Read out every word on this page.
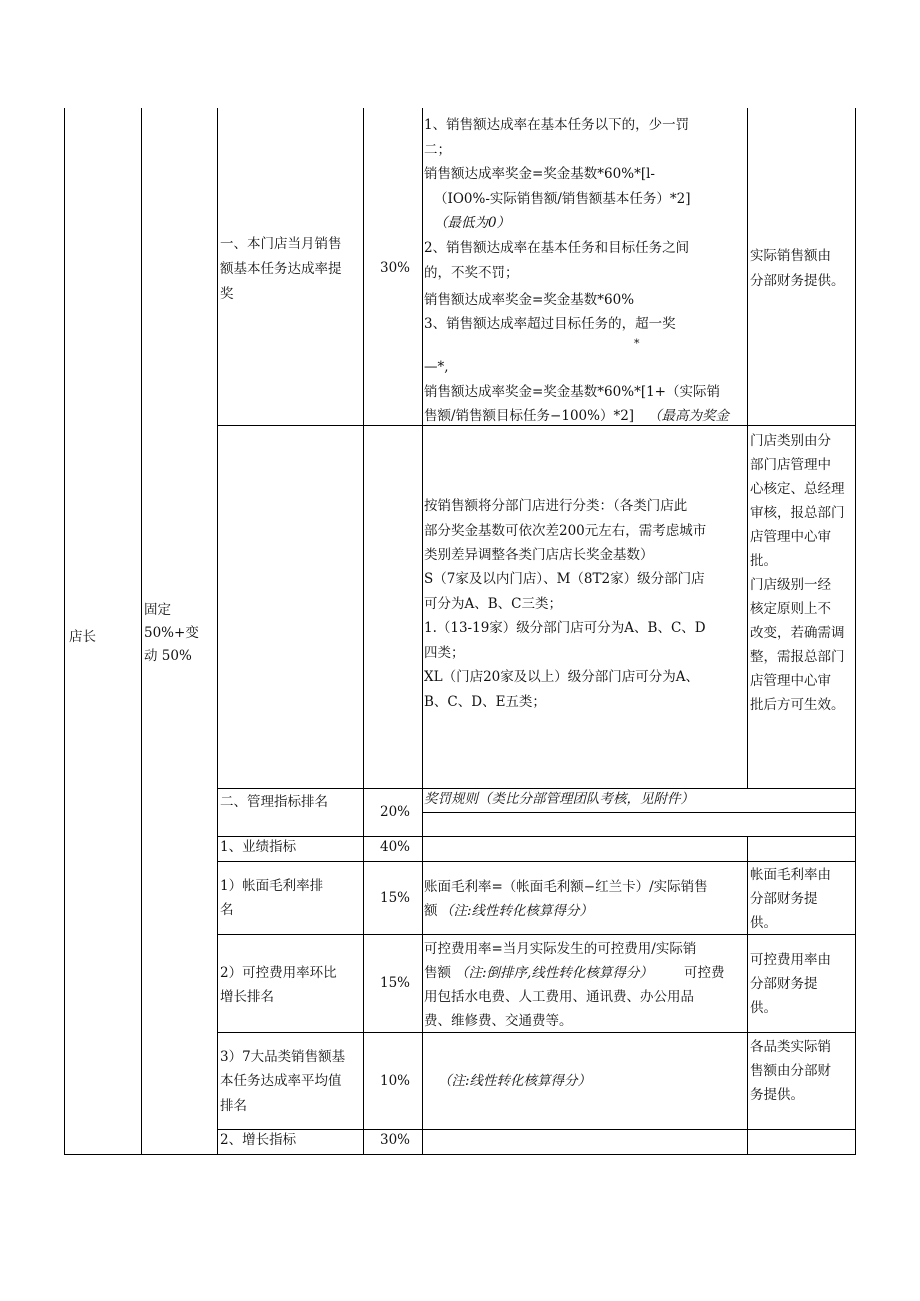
店长
固定
50%+变
动 50%
一、本门店当月销售
额基本任务达成率提
奖
30%
1、销售额达成率在基本任务以下的，少一罚
二；
销售额达成率奖金=奖金基数*60%*[l-
（IO0%-实际销售额/销售额基本任务）*2]
（最低为0）
2、销售额达成率在基本任务和目标任务之间
的，不奖不罚；
销售额达成率奖金=奖金基数*60%
3、销售额达成率超过目标任务的，超一奖
*
—*,
销售额达成率奖金=奖金基数*60%*[1+（实际销
售额/销售额目标任务−100%）*2] （最高为奖金
实际销售额由
分部财务提供。
按销售额将分部门店进行分类：（各类门店此
部分奖金基数可依次差200元左右，需考虑城市
类别差异调整各类门店店长奖金基数）
S（7家及以内门店）、M（8T2家）级分部门店
可分为A、B、C三类；
1.（13-19家）级分部门店可分为A、B、C、D
四类；
XL（门店20家及以上）级分部门店可分为A、
B、C、D、E五类；
门店类别由分
部门店管理中
心核定、总经理
审核，报总部门
店管理中心审
批。
门店级别一经
核定原则上不
改变，若确需调
整，需报总部门
店管理中心审
批后方可生效。
二、管理指标排名
20%
奖罚规则（类比分部管理团队考核，见附件）
1、业绩指标	40%
1）帐面毛利率排
名
15%
账面毛利率=（帐面毛利额−红兰卡）/实际销售
额 （注:线性转化核算得分）
帐面毛利率由
分部财务提
供。
2）可控费用率环比
增长排名
15%
可控费用率=当月实际发生的可控费用/实际销
售额 （注:倒排序,线性转化核算得分） 可控费
用包括水电费、人工费用、通讯费、办公用品
费、维修费、交通费等。
可控费用率由
分部财务提
供。
3）7大品类销售额基
本任务达成率平均值
排名
10% （注:线性转化核算得分）
各品类实际销
售额由分部财
务提供。
2、增长指标	30%
